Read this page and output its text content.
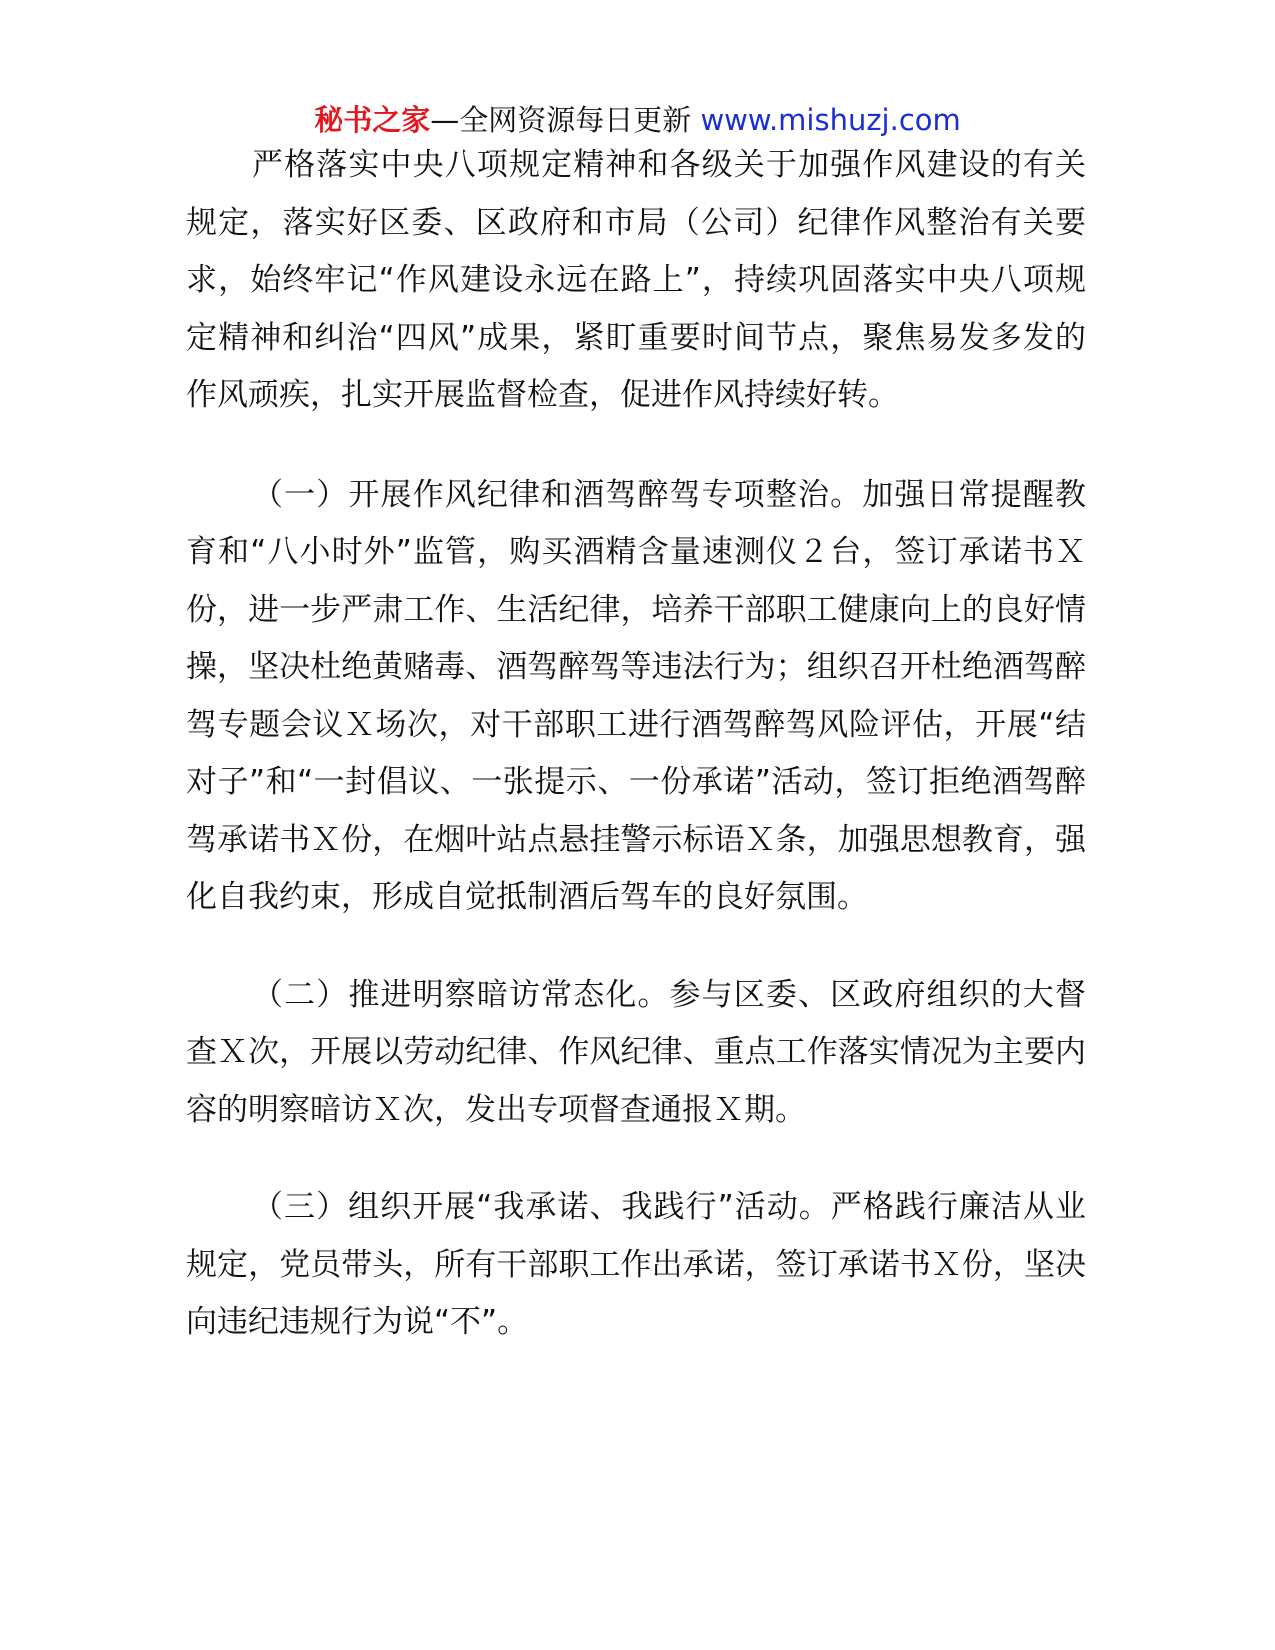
秘书之家—全网资源每日更新 www.mishuzj.com

严格落实中央八项规定精神和各级关于加强作风建设的有关规定，落实好区委、区政府和市局（公司）纪律作风整治有关要求，始终牢记“作风建设永远在路上”，持续巩固落实中央八项规定精神和纠治“四风”成果，紧盯重要时间节点，聚焦易发多发的作风顽疾，扎实开展监督检查，促进作风持续好转。

（一）开展作风纪律和酒驾醉驾专项整治。加强日常提醒教育和“八小时外”监管，购买酒精含量速测仪２台，签订承诺书Ｘ份，进一步严肃工作、生活纪律，培养干部职工健康向上的良好情操，坚决杜绝黄赌毒、酒驾醉驾等违法行为；组织召开杜绝酒驾醉驾专题会议Ｘ场次，对干部职工进行酒驾醉驾风险评估，开展“结对子”和“一封倡议、一张提示、一份承诺”活动，签订拒绝酒驾醉驾承诺书Ｘ份，在烟叶站点悬挂警示标语Ｘ条，加强思想教育，强化自我约束，形成自觉抵制酒后驾车的良好氛围。

（二）推进明察暗访常态化。参与区委、区政府组织的大督查Ｘ次，开展以劳动纪律、作风纪律、重点工作落实情况为主要内容的明察暗访Ｘ次，发出专项督查通报Ｘ期。

（三）组织开展“我承诺、我践行”活动。严格践行廉洁从业规定，党员带头，所有干部职工作出承诺，签订承诺书Ｘ份，坚决向违纪违规行为说“不”。
